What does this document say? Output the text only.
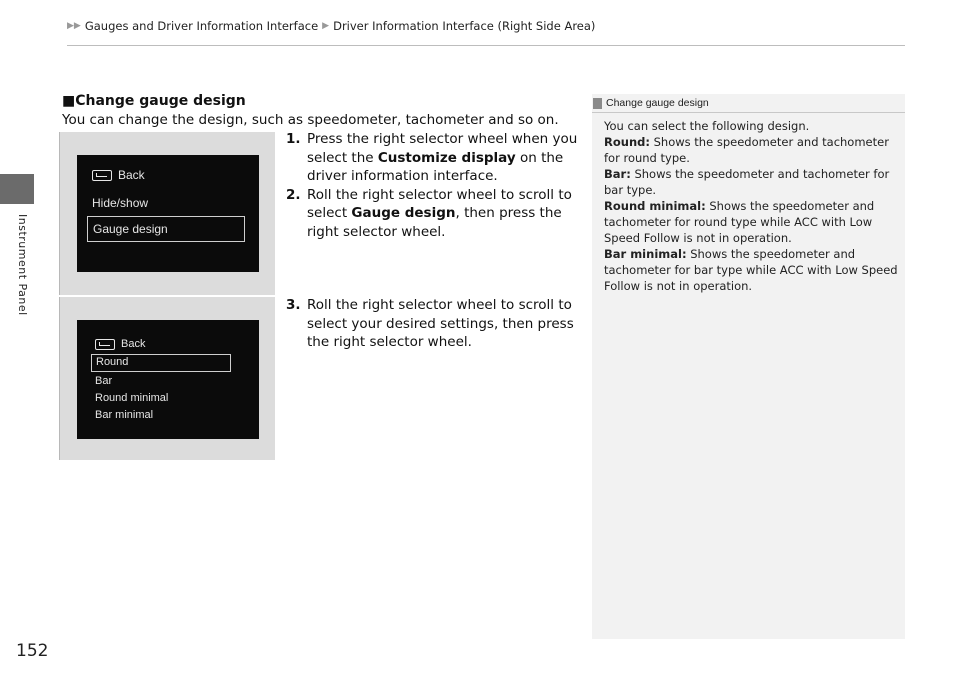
▶▶ Gauges and Driver Information Interface ▶ Driver Information Interface (Right Side Area)
Instrument Panel
152
■Change gauge design
You can change the design, such as speedometer, tachometer and so on.
1. Press the right selector wheel when you select the Customize display on the driver information interface.
2. Roll the right selector wheel to scroll to select Gauge design, then press the right selector wheel.
3. Roll the right selector wheel to scroll to select your desired settings, then press the right selector wheel.
Back
Hide/show
Gauge design
Back
Round
Bar
Round minimal
Bar minimal
Change gauge design

You can select the following design.

Round: Shows the speedometer and tachometer for round type.

Bar: Shows the speedometer and tachometer for bar type.

Round minimal: Shows the speedometer and tachometer for round type while ACC with Low Speed Follow is not in operation.

Bar minimal: Shows the speedometer and tachometer for bar type while ACC with Low Speed Follow is not in operation.
